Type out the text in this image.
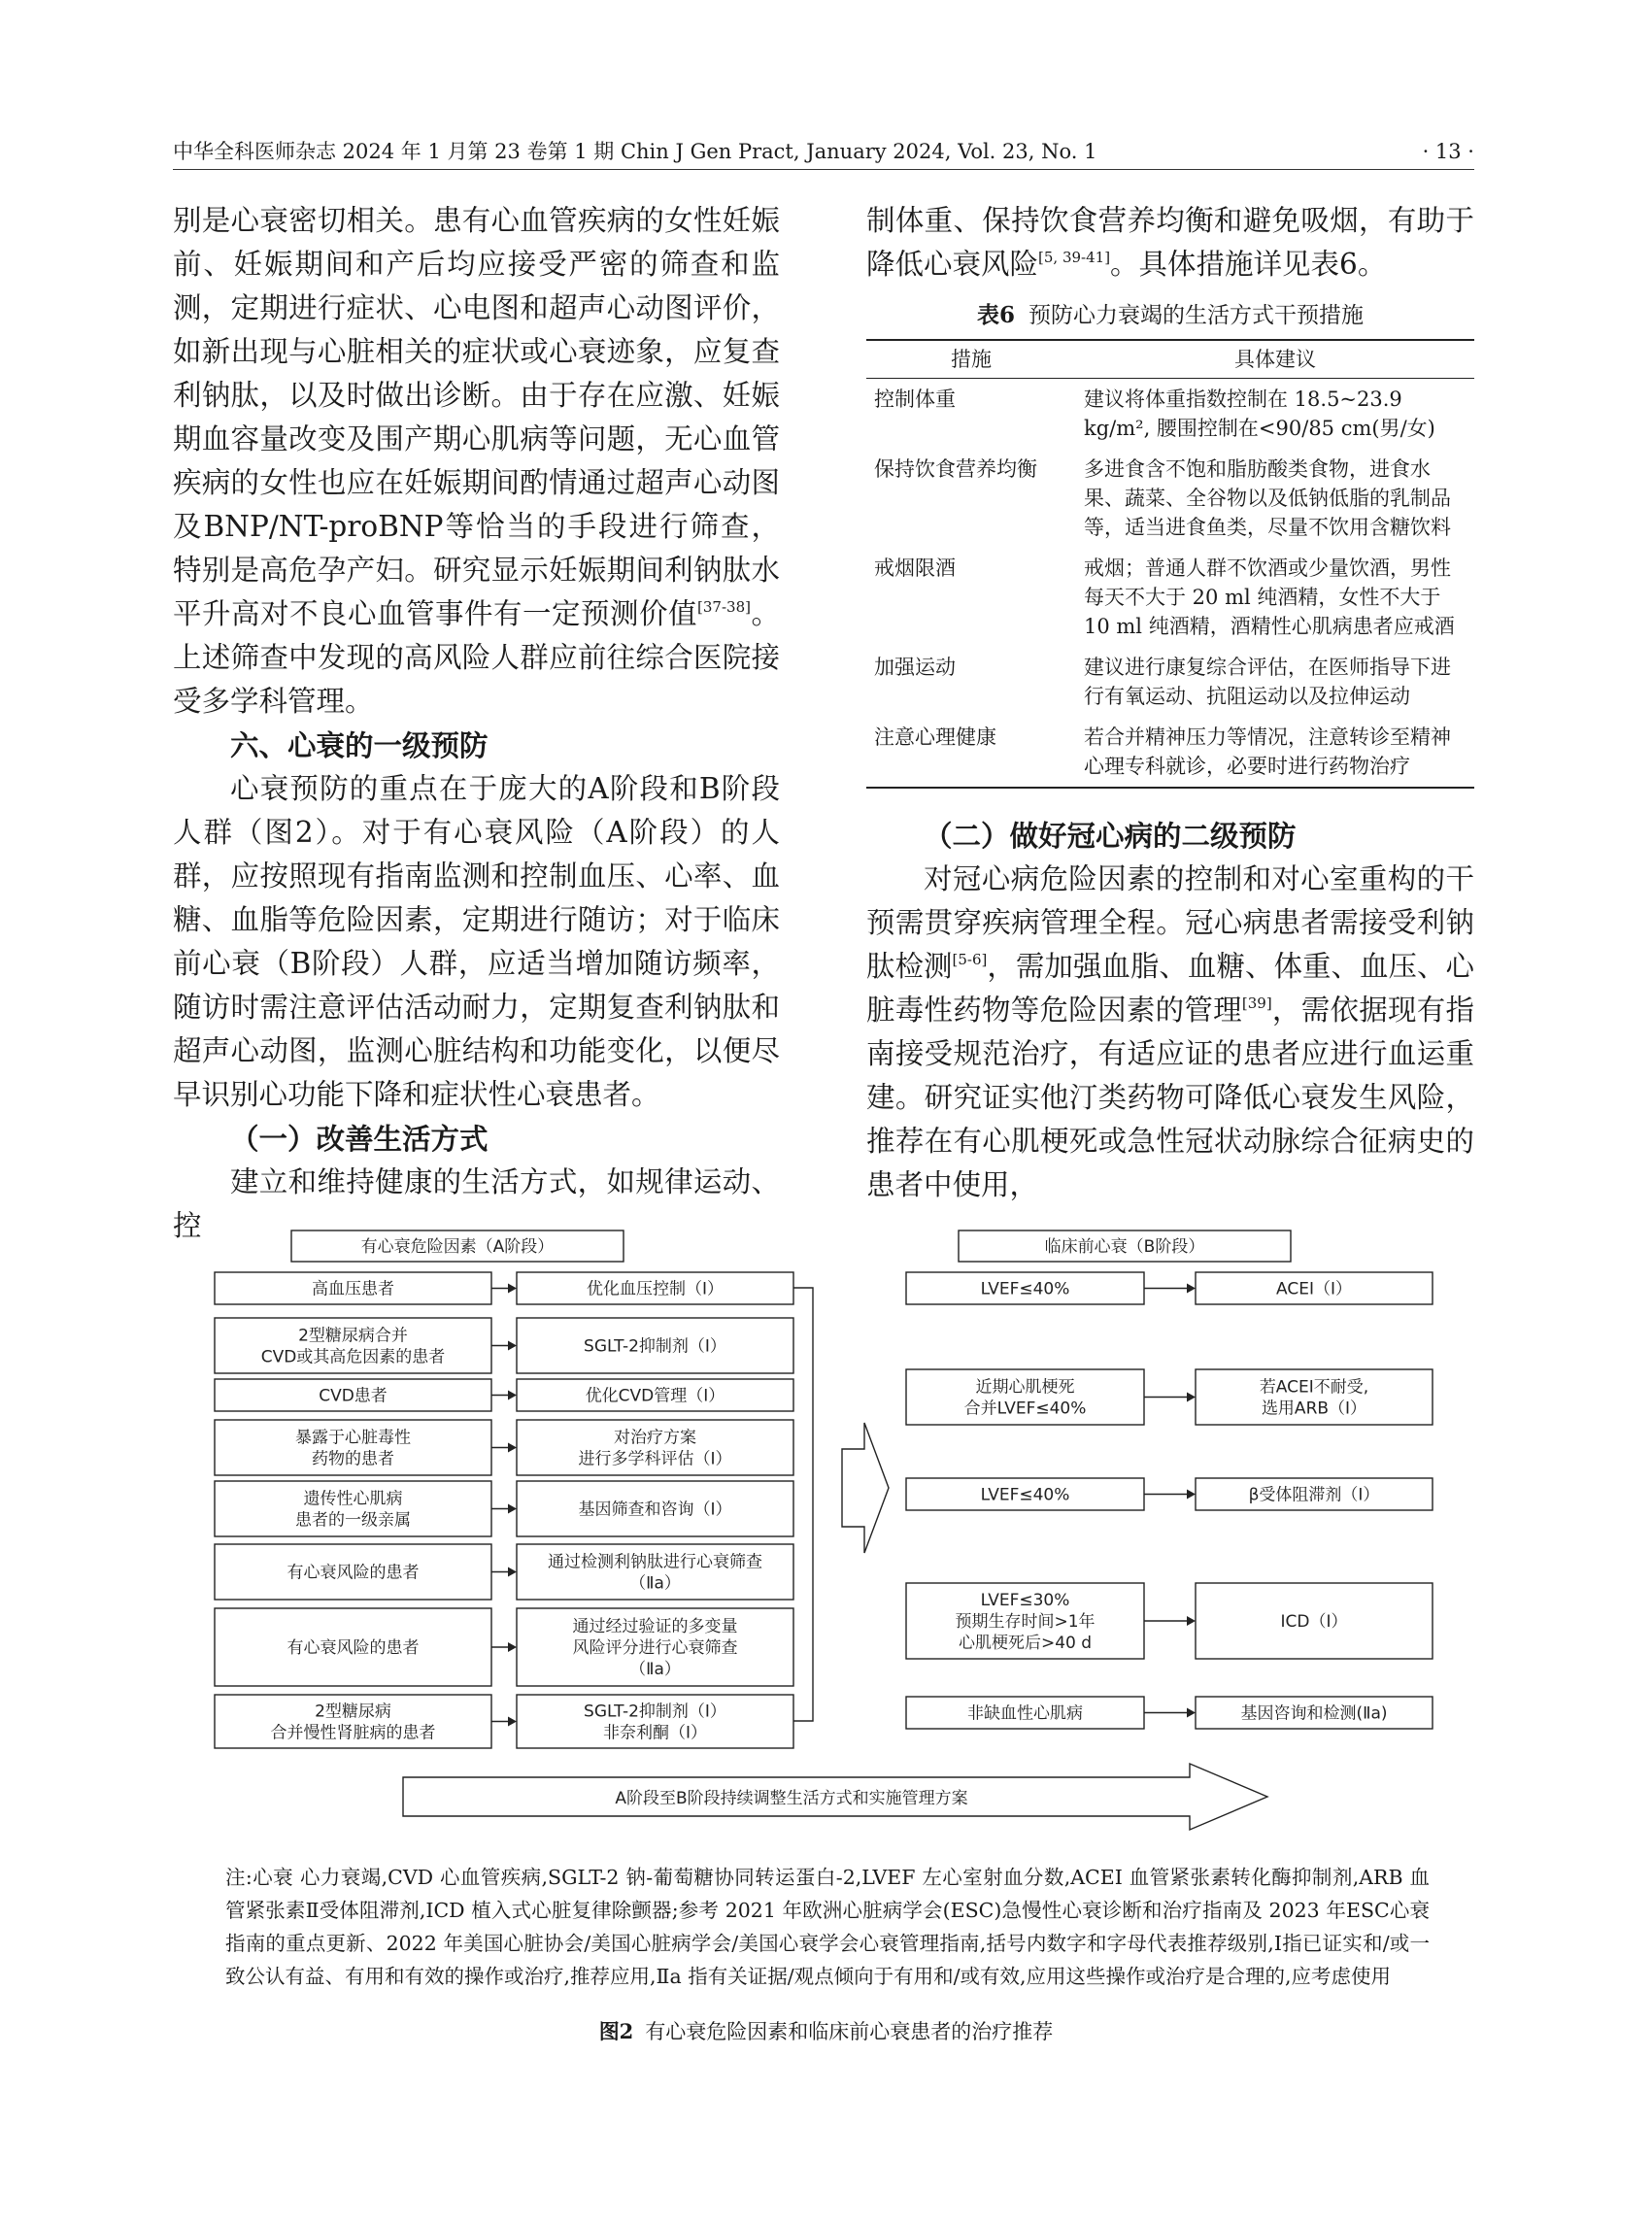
中华全科医师杂志 2024 年 1 月第 23 卷第 1 期 Chin J Gen Pract, January 2024, Vol. 23, No. 1	· 13 ·

别是心衰密切相关。患有心血管疾病的女性妊娠前、妊娠期间和产后均应接受严密的筛查和监测，定期进行症状、心电图和超声心动图评价，如新出现与心脏相关的症状或心衰迹象，应复查利钠肽，以及时做出诊断。由于存在应激、妊娠期血容量改变及围产期心肌病等问题，无心血管疾病的女性也应在妊娠期间酌情通过超声心动图及BNP/NT-proBNP等恰当的手段进行筛查，特别是高危孕产妇。研究显示妊娠期间利钠肽水平升高对不良心血管事件有一定预测价值[37-38]。上述筛查中发现的高风险人群应前往综合医院接受多学科管理。

六、心衰的一级预防

心衰预防的重点在于庞大的A阶段和B阶段人群（图2）。对于有心衰风险（A阶段）的人群，应按照现有指南监测和控制血压、心率、血糖、血脂等危险因素，定期进行随访；对于临床前心衰（B阶段）人群，应适当增加随访频率，随访时需注意评估活动耐力，定期复查利钠肽和超声心动图，监测心脏结构和功能变化，以便尽早识别心功能下降和症状性心衰患者。

（一）改善生活方式

建立和维持健康的生活方式，如规律运动、控

制体重、保持饮食营养均衡和避免吸烟，有助于降低心衰风险[5, 39-41]。具体措施详见表6。

表6 预防心力衰竭的生活方式干预措施
措施	具体建议
控制体重	建议将体重指数控制在 18.5~23.9 kg/m², 腰围控制在<90/85 cm(男/女)
保持饮食营养均衡	多进食含不饱和脂肪酸类食物，进食水果、蔬菜、全谷物以及低钠低脂的乳制品等，适当进食鱼类，尽量不饮用含糖饮料
戒烟限酒	戒烟；普通人群不饮酒或少量饮酒，男性每天不大于 20 ml 纯酒精，女性不大于 10 ml 纯酒精，酒精性心肌病患者应戒酒
加强运动	建议进行康复综合评估，在医师指导下进行有氧运动、抗阻运动以及拉伸运动
注意心理健康	若合并精神压力等情况，注意转诊至精神心理专科就诊，必要时进行药物治疗
（二）做好冠心病的二级预防

对冠心病危险因素的控制和对心室重构的干预需贯穿疾病管理全程。冠心病患者需接受利钠肽检测[5-6]，需加强血脂、血糖、体重、血压、心脏毒性药物等危险因素的管理[39]，需依据现有指南接受规范治疗，有适应证的患者应进行血运重建。研究证实他汀类药物可降低心衰发生风险，推荐在有心肌梗死或急性冠状动脉综合征病史的患者中使用，

有心衰危险因素（A阶段）	临床前心衰（B阶段）
高血压患者	优化血压控制（Ⅰ）
2型糖尿病合并
CVD或其高危因素的患者
SGLT-2抑制剂（Ⅰ）
CVD患者	优化CVD管理（Ⅰ）
暴露于心脏毒性
药物的患者
对治疗方案
进行多学科评估（Ⅰ）
遗传性心肌病
患者的一级亲属
基因筛查和咨询（Ⅰ）
有心衰风险的患者
通过检测利钠肽进行心衰筛查
（Ⅱa）
有心衰风险的患者
通过经过验证的多变量
风险评分进行心衰筛查
（Ⅱa）
2型糖尿病
合并慢性肾脏病的患者
SGLT-2抑制剂（Ⅰ）
非奈利酮（Ⅰ）
LVEF≤40%	ACEI（Ⅰ）
近期心肌梗死
合并LVEF≤40%
若ACEI不耐受,
选用ARB（Ⅰ）
LVEF≤40%	β受体阻滞剂（Ⅰ）
LVEF≤30%
预期生存时间>1年
心肌梗死后>40 d
ICD（Ⅰ）
非缺血性心肌病	基因咨询和检测(Ⅱa)
A阶段至B阶段持续调整生活方式和实施管理方案
注:心衰 心力衰竭,CVD 心血管疾病,SGLT-2 钠-葡萄糖协同转运蛋白-2,LVEF 左心室射血分数,ACEI 血管紧张素转化酶抑制剂,ARB 血管紧张素Ⅱ受体阻滞剂,ICD 植入式心脏复律除颤器;参考 2021 年欧洲心脏病学会(ESC)急慢性心衰诊断和治疗指南及 2023 年ESC心衰指南的重点更新、2022 年美国心脏协会/美国心脏病学会/美国心衰学会心衰管理指南,括号内数字和字母代表推荐级别,Ⅰ指已证实和/或一致公认有益、有用和有效的操作或治疗,推荐应用,Ⅱa 指有关证据/观点倾向于有用和/或有效,应用这些操作或治疗是合理的,应考虑使用
图2 有心衰危险因素和临床前心衰患者的治疗推荐
